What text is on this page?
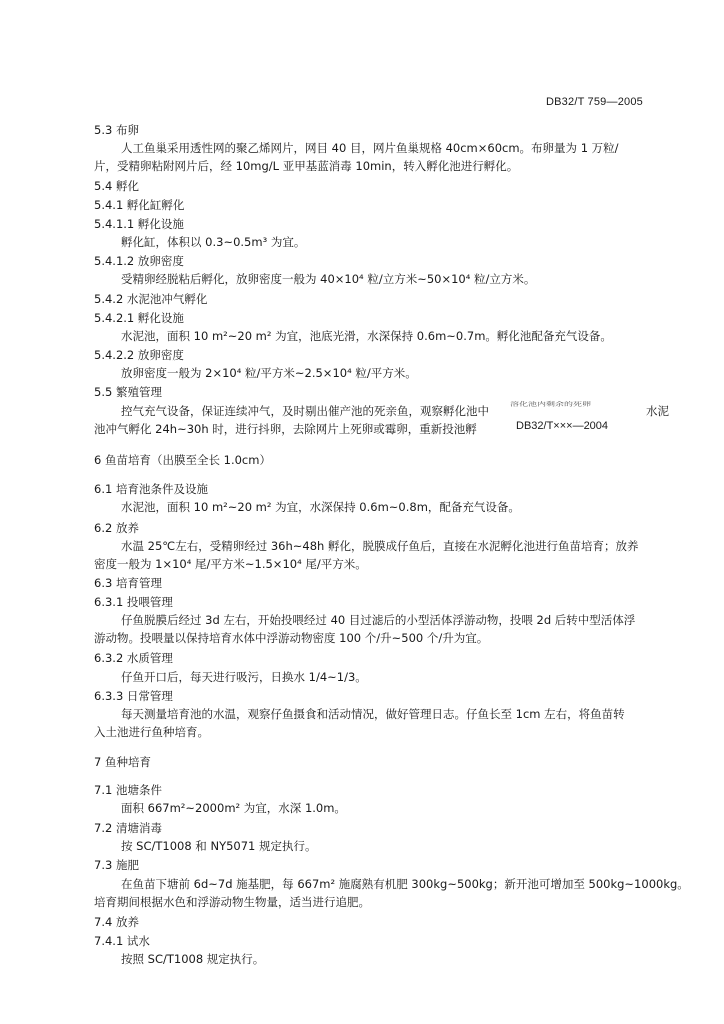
DB32/T 759—2005
5.3 布卵
人工鱼巢采用透性网的聚乙烯网片，网目 40 目，网片鱼巢规格 40cm×60cm。布卵量为 1 万粒/
片，受精卵粘附网片后，经 10mg/L 亚甲基蓝消毒 10min，转入孵化池进行孵化。
5.4 孵化
5.4.1 孵化缸孵化
5.4.1.1 孵化设施
孵化缸，体积以 0.3~0.5m³ 为宜。
5.4.1.2 放卵密度
受精卵经脱粘后孵化，放卵密度一般为 40×10⁴ 粒/立方米~50×10⁴ 粒/立方米。
5.4.2 水泥池冲气孵化
5.4.2.1 孵化设施
水泥池，面积 10 m²~20 m² 为宜，池底光滑，水深保持 0.6m~0.7m。孵化池配备充气设备。
5.4.2.2 放卵密度
放卵密度一般为 2×10⁴ 粒/平方米~2.5×10⁴ 粒/平方米。
5.5 繁殖管理
控气充气设备，保证连续冲气，及时剔出催产池的死亲鱼，观察孵化池中
池冲气孵化 24h~30h 时，进行抖卵，去除网片上死卵或霉卵，重新投池孵
溶化池内剩余的死卵	水泥
DB32/T×××—2004
6 鱼苗培育（出膜至全长 1.0cm）
6.1 培育池条件及设施
水泥池，面积 10 m²~20 m² 为宜，水深保持 0.6m~0.8m，配备充气设备。
6.2 放养
水温 25℃左右，受精卵经过 36h~48h 孵化，脱膜成仔鱼后，直接在水泥孵化池进行鱼苗培育；放养
密度一般为 1×10⁴ 尾/平方米~1.5×10⁴ 尾/平方米。
6.3 培育管理
6.3.1 投喂管理
仔鱼脱膜后经过 3d 左右，开始投喂经过 40 目过滤后的小型活体浮游动物，投喂 2d 后转中型活体浮
游动物。投喂量以保持培育水体中浮游动物密度 100 个/升~500 个/升为宜。
6.3.2 水质管理
仔鱼开口后，每天进行吸污，日换水 1/4~1/3。
6.3.3 日常管理
每天测量培育池的水温，观察仔鱼摄食和活动情况，做好管理日志。仔鱼长至 1cm 左右，将鱼苗转
入土池进行鱼种培育。
7 鱼种培育
7.1 池塘条件
面积 667m²~2000m² 为宜，水深 1.0m。
7.2 清塘消毒
按 SC/T1008 和 NY5071 规定执行。
7.3 施肥
在鱼苗下塘前 6d~7d 施基肥，每 667m² 施腐熟有机肥 300kg~500kg；新开池可增加至 500kg~1000kg。
培育期间根据水色和浮游动物生物量，适当进行追肥。
7.4 放养
7.4.1 试水
按照 SC/T1008 规定执行。
